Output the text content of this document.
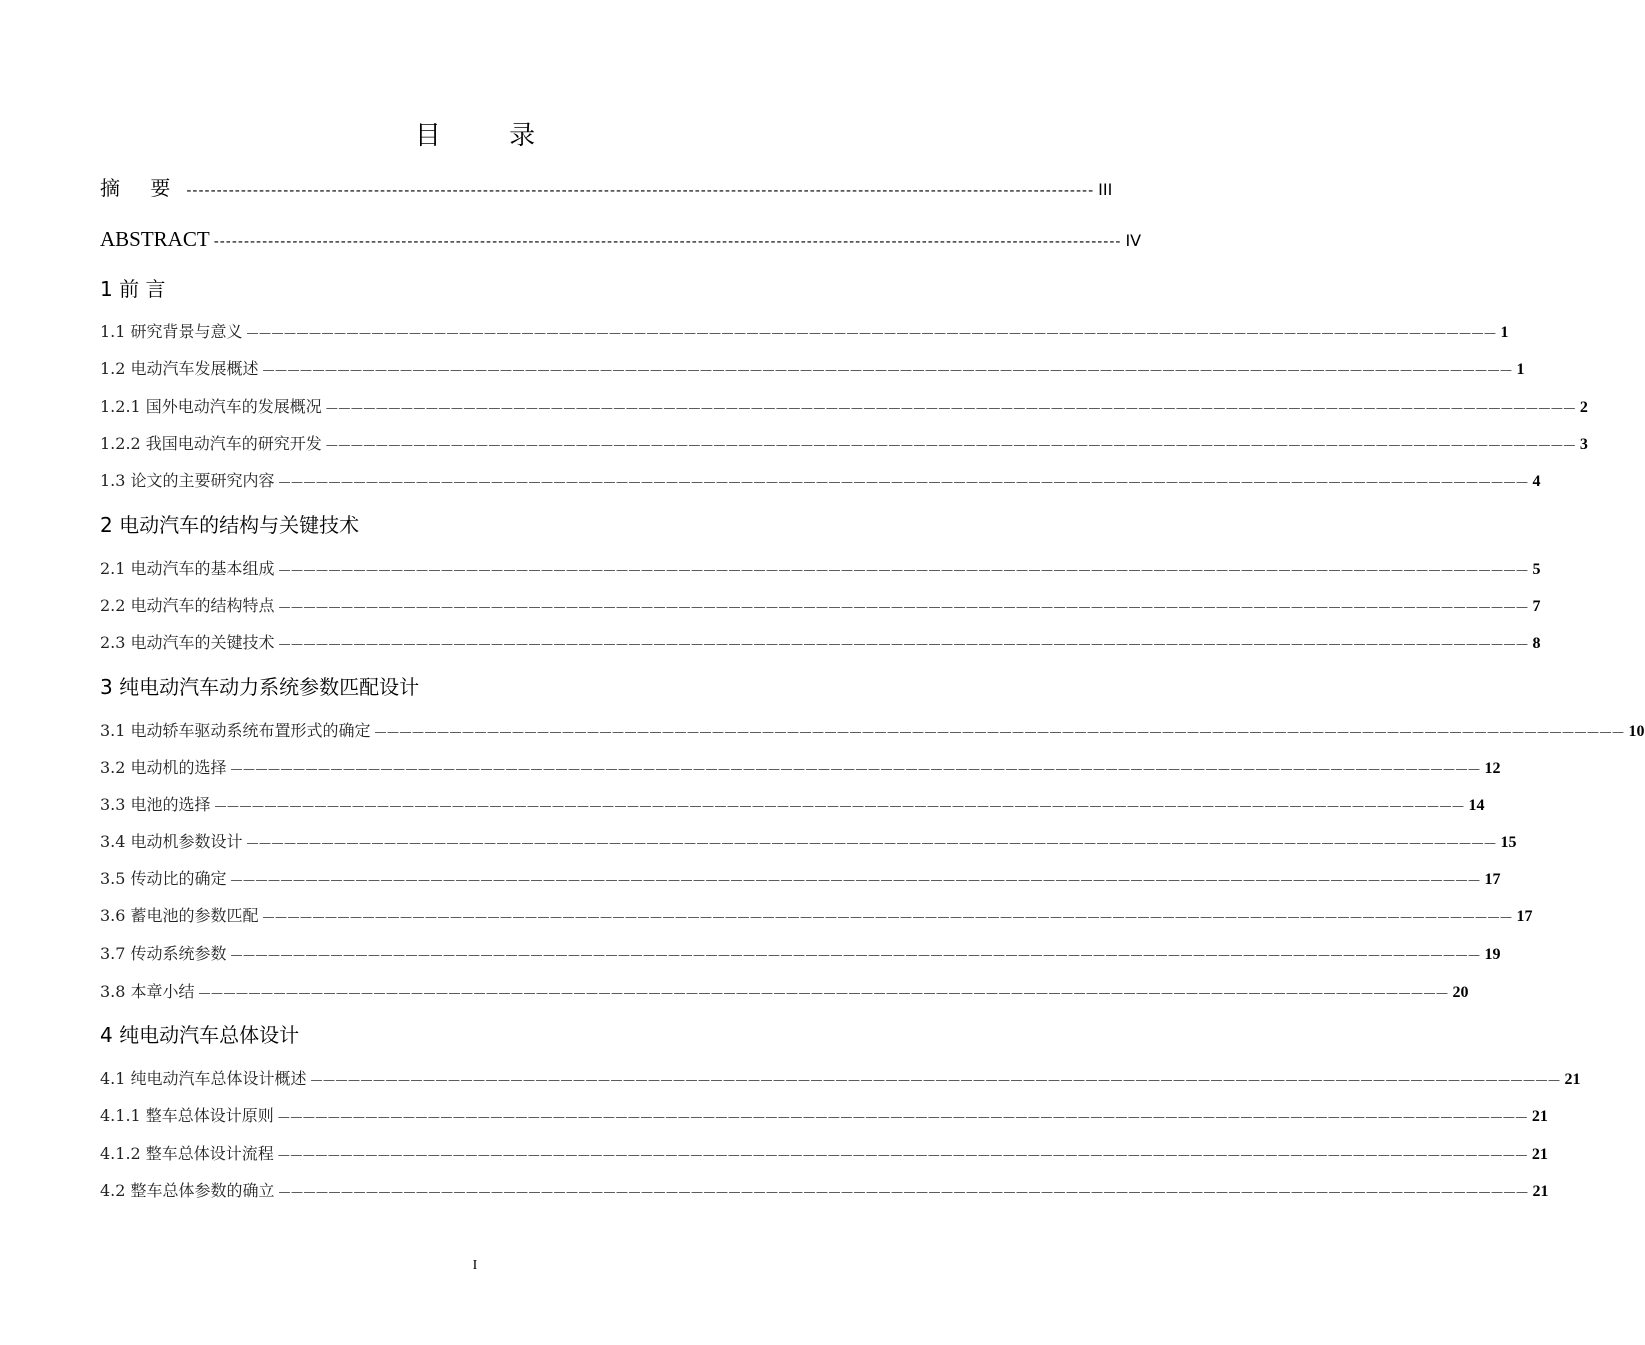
目 录
摘 要 ------------------------------------------------------------------------------------------------------------------------------------------------------ III
ABSTRACT ------------------------------------------------------------------------------------------------------------------------------------------------------ IV
1 前 言
1.1 研究背景与意义 ———————————————————————————————————————————————————————————————————————————————————————————————————— 1
1.2 电动汽车发展概述 ———————————————————————————————————————————————————————————————————————————————————————————————————— 1
1.2.1 国外电动汽车的发展概况 ———————————————————————————————————————————————————————————————————————————————————————————————————— 2
1.2.2 我国电动汽车的研究开发 ———————————————————————————————————————————————————————————————————————————————————————————————————— 3
1.3 论文的主要研究内容 ———————————————————————————————————————————————————————————————————————————————————————————————————— 4
2 电动汽车的结构与关键技术
2.1 电动汽车的基本组成 ———————————————————————————————————————————————————————————————————————————————————————————————————— 5
2.2 电动汽车的结构特点 ———————————————————————————————————————————————————————————————————————————————————————————————————— 7
2.3 电动汽车的关键技术 ———————————————————————————————————————————————————————————————————————————————————————————————————— 8
3 纯电动汽车动力系统参数匹配设计
3.1 电动轿车驱动系统布置形式的确定 ———————————————————————————————————————————————————————————————————————————————————————————————————— 10
3.2 电动机的选择 ———————————————————————————————————————————————————————————————————————————————————————————————————— 12
3.3 电池的选择 ———————————————————————————————————————————————————————————————————————————————————————————————————— 14
3.4 电动机参数设计 ———————————————————————————————————————————————————————————————————————————————————————————————————— 15
3.5 传动比的确定 ———————————————————————————————————————————————————————————————————————————————————————————————————— 17
3.6 蓄电池的参数匹配 ———————————————————————————————————————————————————————————————————————————————————————————————————— 17
3.7 传动系统参数 ———————————————————————————————————————————————————————————————————————————————————————————————————— 19
3.8 本章小结 ———————————————————————————————————————————————————————————————————————————————————————————————————— 20
4 纯电动汽车总体设计
4.1 纯电动汽车总体设计概述 ———————————————————————————————————————————————————————————————————————————————————————————————————— 21
4.1.1 整车总体设计原则 ———————————————————————————————————————————————————————————————————————————————————————————————————— 21
4.1.2 整车总体设计流程 ———————————————————————————————————————————————————————————————————————————————————————————————————— 21
4.2 整车总体参数的确立 ———————————————————————————————————————————————————————————————————————————————————————————————————— 21
I
